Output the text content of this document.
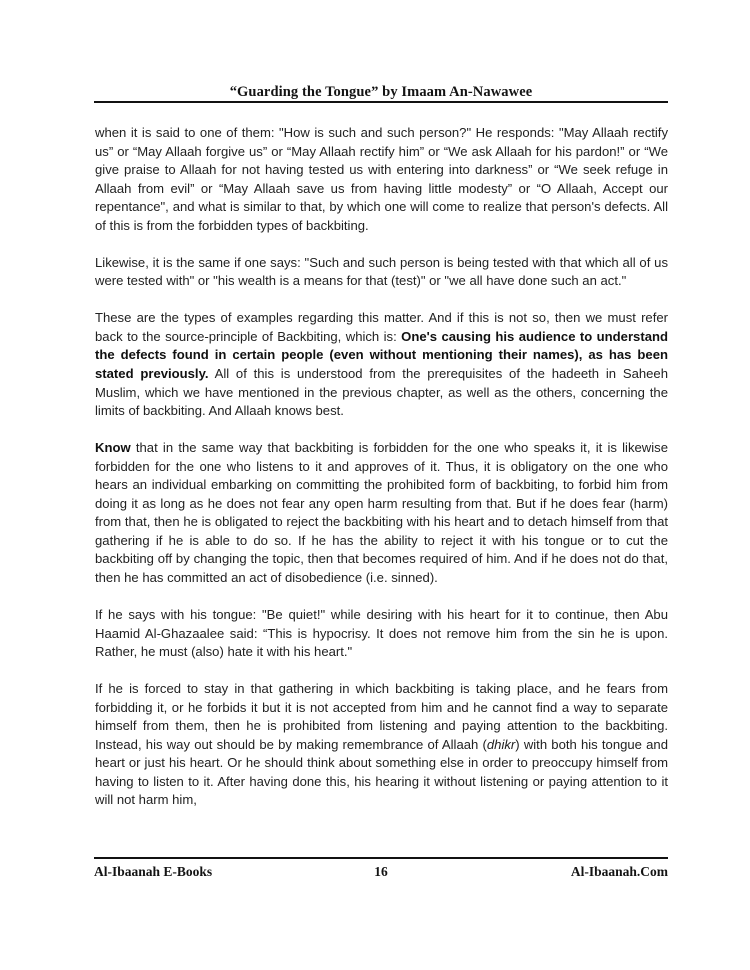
“Guarding the Tongue” by Imaam An-Nawawee

when it is said to one of them: "How is such and such person?" He responds: "May Allaah rectify us” or “May Allaah forgive us” or “May Allaah rectify him” or “We ask Allaah for his pardon!” or “We give praise to Allaah for not having tested us with entering into darkness” or “We seek refuge in Allaah from evil” or “May Allaah save us from having little modesty” or “O Allaah, Accept our repentance", and what is similar to that, by which one will come to realize that person's defects. All of this is from the forbidden types of backbiting.

Likewise, it is the same if one says: "Such and such person is being tested with that which all of us were tested with" or "his wealth is a means for that (test)" or "we all have done such an act."

These are the types of examples regarding this matter. And if this is not so, then we must refer back to the source-principle of Backbiting, which is: One's causing his audience to understand the defects found in certain people (even without mentioning their names), as has been stated previously. All of this is understood from the prerequisites of the hadeeth in Saheeh Muslim, which we have mentioned in the previous chapter, as well as the others, concerning the limits of backbiting. And Allaah knows best.

Know that in the same way that backbiting is forbidden for the one who speaks it, it is likewise forbidden for the one who listens to it and approves of it. Thus, it is obligatory on the one who hears an individual embarking on committing the prohibited form of backbiting, to forbid him from doing it as long as he does not fear any open harm resulting from that. But if he does fear (harm) from that, then he is obligated to reject the backbiting with his heart and to detach himself from that gathering if he is able to do so. If he has the ability to reject it with his tongue or to cut the backbiting off by changing the topic, then that becomes required of him. And if he does not do that, then he has committed an act of disobedience (i.e. sinned).

If he says with his tongue: "Be quiet!" while desiring with his heart for it to continue, then Abu Haamid Al-Ghazaalee said: “This is hypocrisy. It does not remove him from the sin he is upon. Rather, he must (also) hate it with his heart."

If he is forced to stay in that gathering in which backbiting is taking place, and he fears from forbidding it, or he forbids it but it is not accepted from him and he cannot find a way to separate himself from them, then he is prohibited from listening and paying attention to the backbiting. Instead, his way out should be by making remembrance of Allaah (dhikr) with both his tongue and heart or just his heart. Or he should think about something else in order to preoccupy himself from having to listen to it. After having done this, his hearing it without listening or paying attention to it will not harm him,

Al-Ibaanah E-Books	16	Al-Ibaanah.Com
